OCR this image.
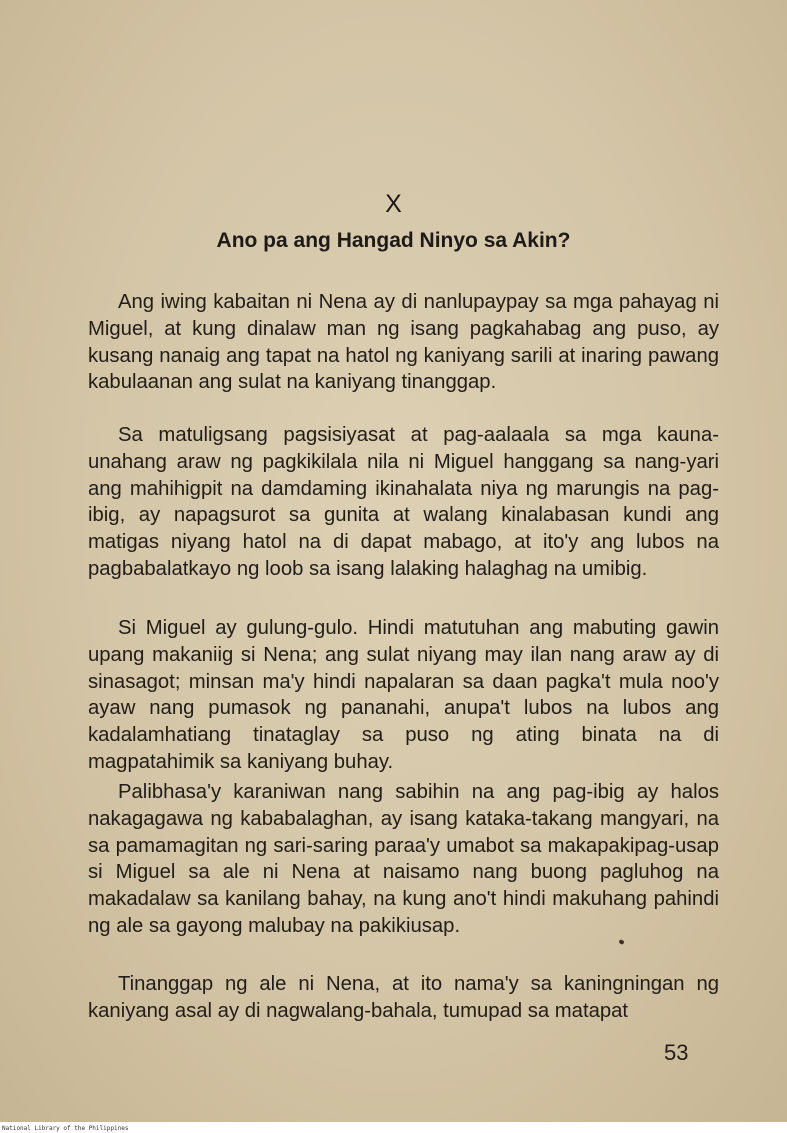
X
Ano pa ang Hangad Ninyo sa Akin?

Ang iwing kabaitan ni Nena ay di nanlupaypay sa mga pahayag ni Miguel, at kung dinalaw man ng isang pagkahabag ang puso, ay kusang nanaig ang tapat na hatol ng kaniyang sarili at inaring pawang kabulaanan ang sulat na kaniyang tinanggap.

Sa matuligsang pagsisiyasat at pag-aalaala sa mga kauna-unahang araw ng pagkikilala nila ni Miguel hanggang sa nang-yari ang mahihigpit na damdaming ikinahalata niya ng marungis na pag-ibig, ay napagsurot sa gunita at walang kinalabasan kundi ang matigas niyang hatol na di dapat mabago, at ito'y ang lubos na pagbabalatkayo ng loob sa isang lalaking halaghag na umibig.

Si Miguel ay gulung-gulo. Hindi matutuhan ang mabuting gawin upang makaniig si Nena; ang sulat niyang may ilan nang araw ay di sinasagot; minsan ma'y hindi napalaran sa daan pagka't mula noo'y ayaw nang pumasok ng pananahi, anupa't lubos na lubos ang kadalamhatiang tinataglay sa puso ng ating binata na di magpatahimik sa kaniyang buhay.

Palibhasa'y karaniwan nang sabihin na ang pag-ibig ay halos nakagagawa ng kababalaghan, ay isang kataka-takang mangyari, na sa pamamagitan ng sari-saring paraa'y umabot sa makapakipag-usap si Miguel sa ale ni Nena at naisamo nang buong pagluhog na makadalaw sa kanilang bahay, na kung ano't hindi makuhang pahindi ng ale sa gayong malubay na pakikiusap.

Tinanggap ng ale ni Nena, at ito nama'y sa kaningningan ng kaniyang asal ay di nagwalang-bahala, tumupad sa matapat

53
National Library of the Philippines
